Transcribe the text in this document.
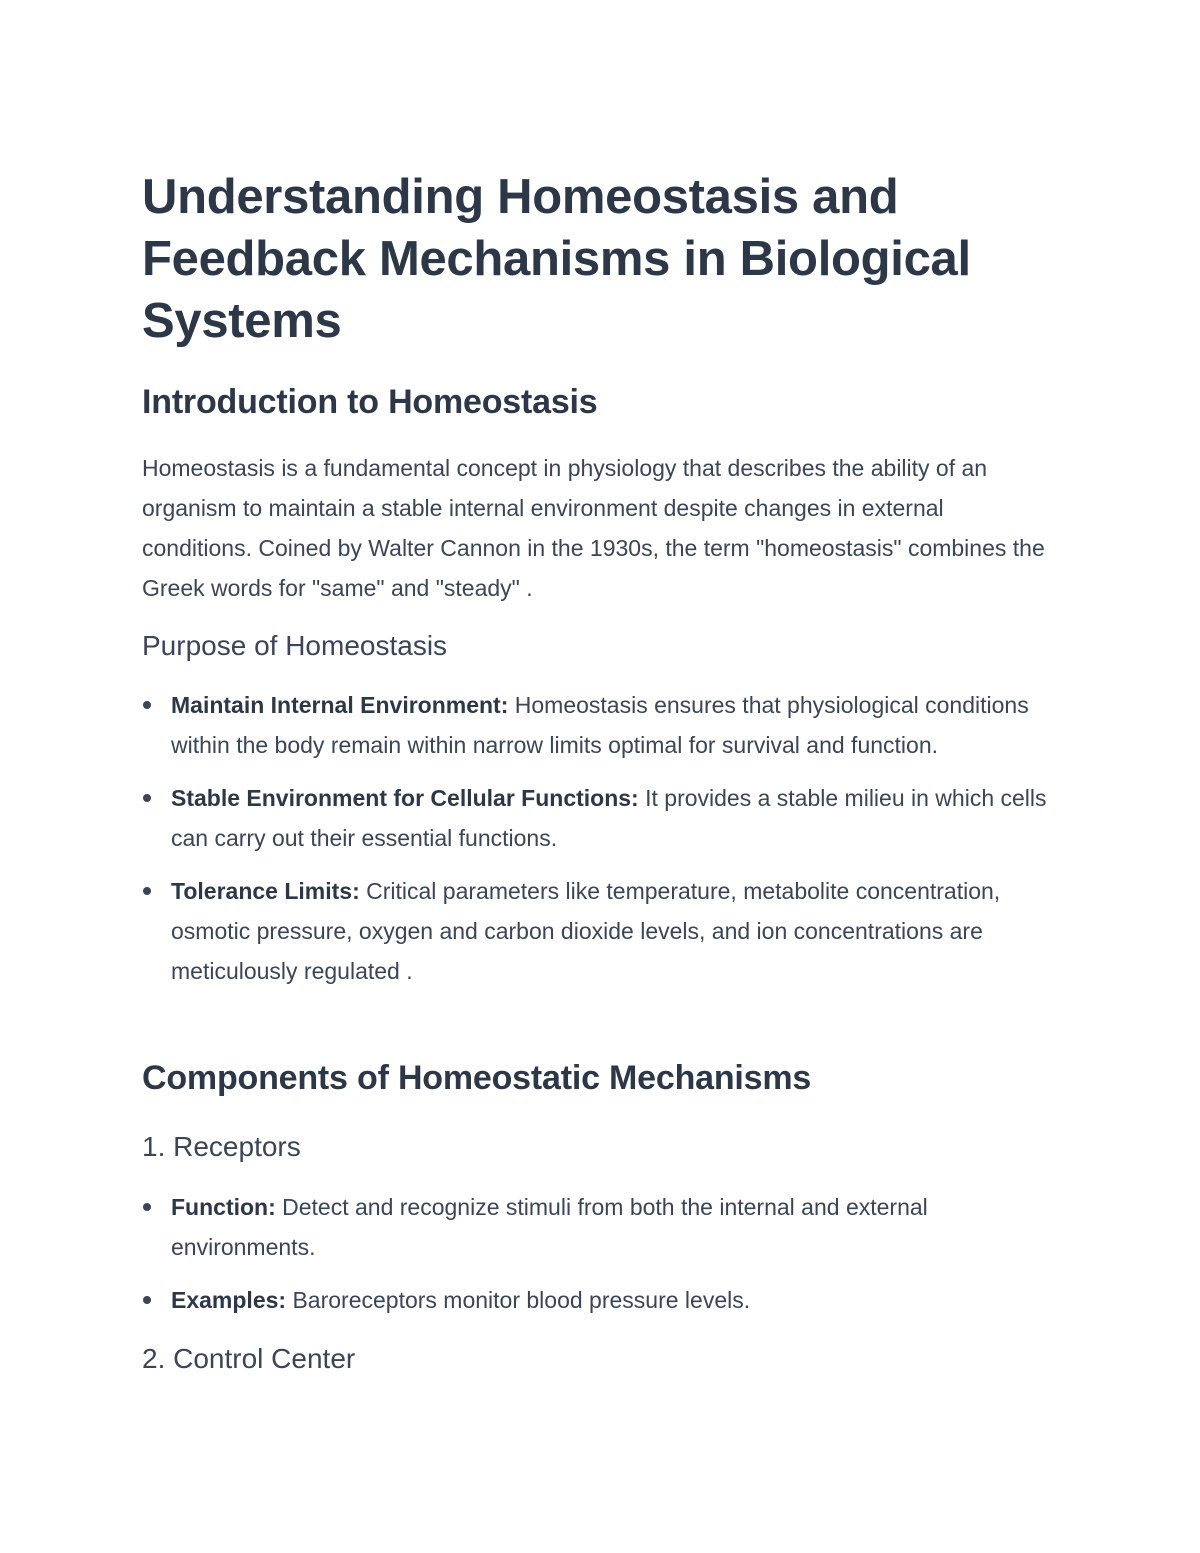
Understanding Homeostasis and Feedback Mechanisms in Biological Systems
Introduction to Homeostasis

Homeostasis is a fundamental concept in physiology that describes the ability of an organism to maintain a stable internal environment despite changes in external conditions. Coined by Walter Cannon in the 1930s, the term "homeostasis" combines the Greek words for "same" and "steady" .

Purpose of Homeostasis
Maintain Internal Environment: Homeostasis ensures that physiological conditions within the body remain within narrow limits optimal for survival and function.
Stable Environment for Cellular Functions: It provides a stable milieu in which cells can carry out their essential functions.
Tolerance Limits: Critical parameters like temperature, metabolite concentration, osmotic pressure, oxygen and carbon dioxide levels, and ion concentrations are meticulously regulated .
Components of Homeostatic Mechanisms
1. Receptors
Function: Detect and recognize stimuli from both the internal and external environments.
Examples: Baroreceptors monitor blood pressure levels.
2. Control Center
